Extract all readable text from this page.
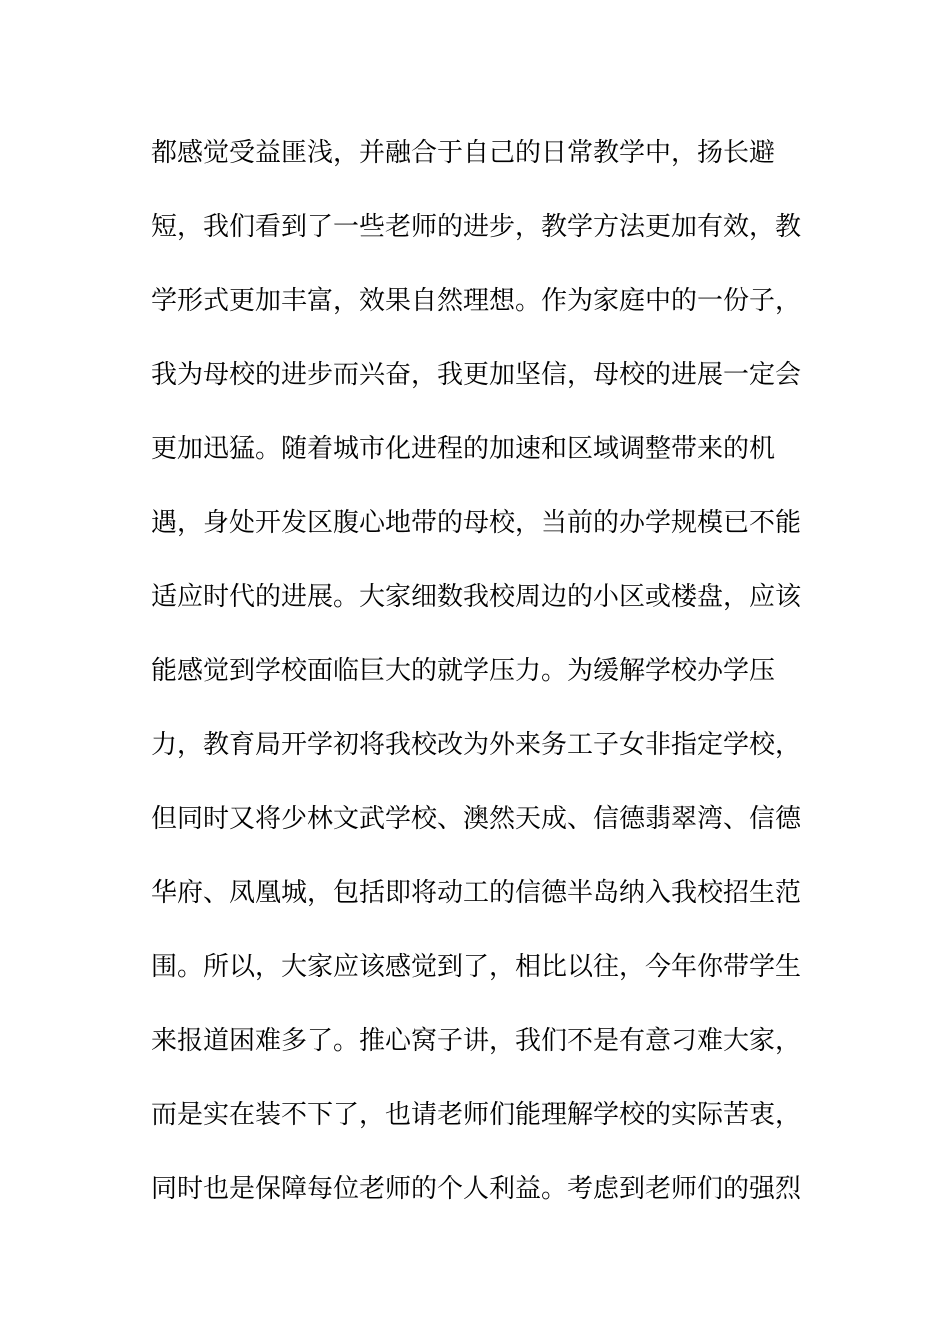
都感觉受益匪浅，并融合于自己的日常教学中，扬长避
短，我们看到了一些老师的进步，教学方法更加有效，教
学形式更加丰富，效果自然理想。作为家庭中的一份子，
我为母校的进步而兴奋，我更加坚信，母校的进展一定会
更加迅猛。随着城市化进程的加速和区域调整带来的机
遇，身处开发区腹心地带的母校，当前的办学规模已不能
适应时代的进展。大家细数我校周边的小区或楼盘，应该
能感觉到学校面临巨大的就学压力。为缓解学校办学压
力，教育局开学初将我校改为外来务工子女非指定学校，
但同时又将少林文武学校、澳然天成、信德翡翠湾、信德
华府、凤凰城，包括即将动工的信德半岛纳入我校招生范
围。所以，大家应该感觉到了，相比以往，今年你带学生
来报道困难多了。推心窝子讲，我们不是有意刁难大家，
而是实在装不下了，也请老师们能理解学校的实际苦衷，
同时也是保障每位老师的个人利益。考虑到老师们的强烈
